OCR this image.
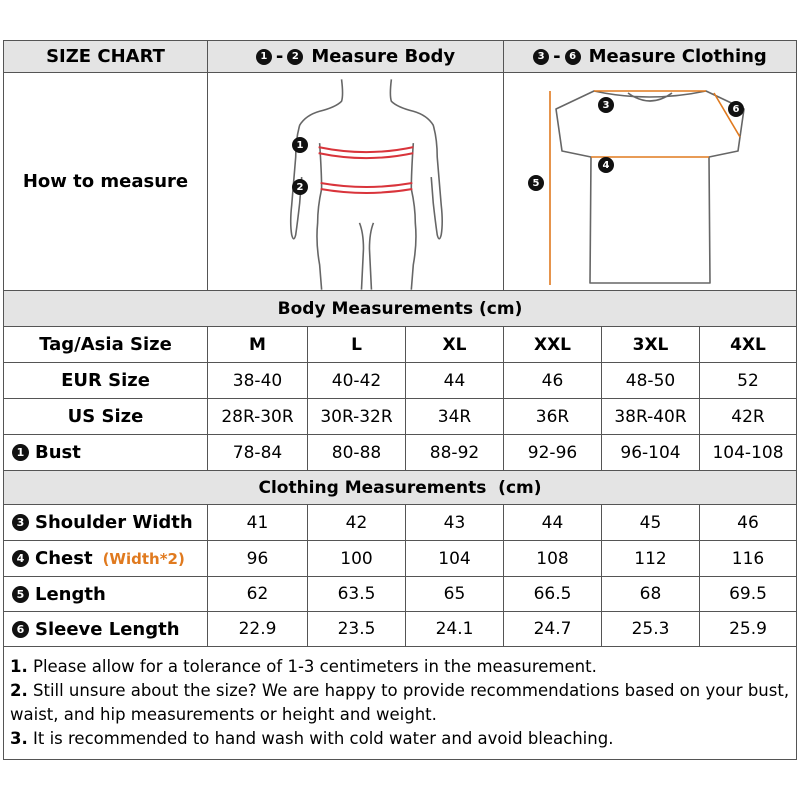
SIZE CHART	1 - 2 Measure Body	3 - 6 Measure Clothing
How to measure
1
2
3	6
4
5
Body Measurements (cm)
Tag/Asia Size	M	L	XL	XXL	3XL	4XL
EUR Size	38-40	40-42	44	46	48-50	52
US Size	28R-30R	30R-32R	34R	36R	38R-40R	42R
1 Bust	78-84	80-88	88-92	92-96	96-104	104-108
Clothing Measurements  (cm)
3 Shoulder Width	41	42	43	44	45	46
4 Chest (Width*2)	96	100	104	108	112	116
5 Length	62	63.5	65	66.5	68	69.5
6 Sleeve Length	22.9	23.5	24.1	24.7	25.3	25.9

1. Please allow for a tolerance of 1-3 centimeters in the measurement.

2. Still unsure about the size? We are happy to provide recommendations based on your bust, waist, and hip measurements or height and weight.

3. It is recommended to hand wash with cold water and avoid bleaching.
